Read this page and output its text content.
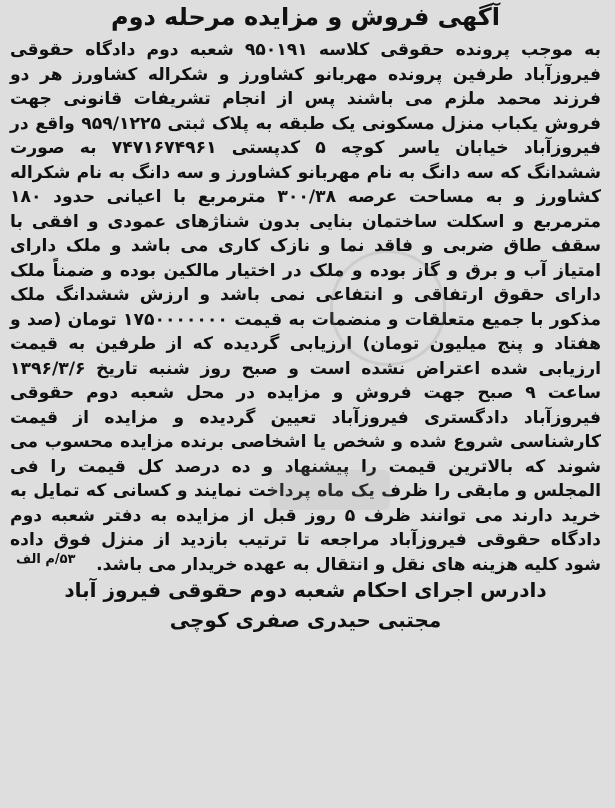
آگهی فروش و مزایده مرحله دوم

به موجب پرونده حقوقی کلاسه ۹۵۰۱۹۱ شعبه دوم دادگاه حقوقی فیروزآباد طرفین پرونده مهربانو کشاورز و شکراله کشاورز هر دو فرزند محمد ملزم می باشند پس از انجام تشریفات قانونی جهت فروش یکباب منزل مسکونی یک طبقه به پلاک ثبتی ۹۵۹/۱۲۲۵ واقع در فیروزآباد خیابان یاسر کوچه ۵ کدپستی ۷۴۷۱۶۷۴۹۶۱ به صورت ششدانگ که سه دانگ به نام مهربانو کشاورز و سه دانگ به نام شکراله کشاورز و به مساحت عرصه ۳۰۰/۳۸ مترمربع با اعیانی حدود ۱۸۰ مترمربع و اسکلت ساختمان بنایی بدون شناژهای عمودی و افقی با سقف طاق ضربی و فاقد نما و نازک کاری می باشد و ملک دارای امتیاز آب و برق و گاز بوده و ملک در اختیار مالکین بوده و ضمناً ملک دارای حقوق ارتفاقی و انتفاعی نمی باشد و ارزش ششدانگ ملک مذکور با جمیع متعلقات و منضمات به قیمت ۱۷۵۰۰۰۰۰۰۰ تومان (صد و هفتاد و پنج میلیون تومان) ارزیابی گردیده که از طرفین به قیمت ارزیابی شده اعتراض نشده است و صبح روز شنبه تاریخ ۱۳۹۶/۳/۶ ساعت ۹ صبح جهت فروش و مزایده در محل شعبه دوم حقوقی فیروزآباد دادگستری فیروزآباد تعیین گردیده و مزایده از قیمت کارشناسی شروع شده و شخص یا اشخاصی برنده مزایده محسوب می شوند که بالاترین قیمت را پیشنهاد و ده درصد کل قیمت را فی المجلس و مابقی را ظرف یک ماه پرداخت نمایند و کسانی که تمایل به خرید دارند می توانند ظرف ۵ روز قبل از مزایده به دفتر شعبه دوم دادگاه حقوقی فیروزآباد مراجعه تا ترتیب بازدید از منزل فوق داده شود کلیه هزینه های نقل و انتقال به عهده خریدار می باشد.

۵۳/م الف
دادرس اجرای احکام شعبه دوم حقوقی فیروز آباد
مجتبی حیدری صفری کوچی
